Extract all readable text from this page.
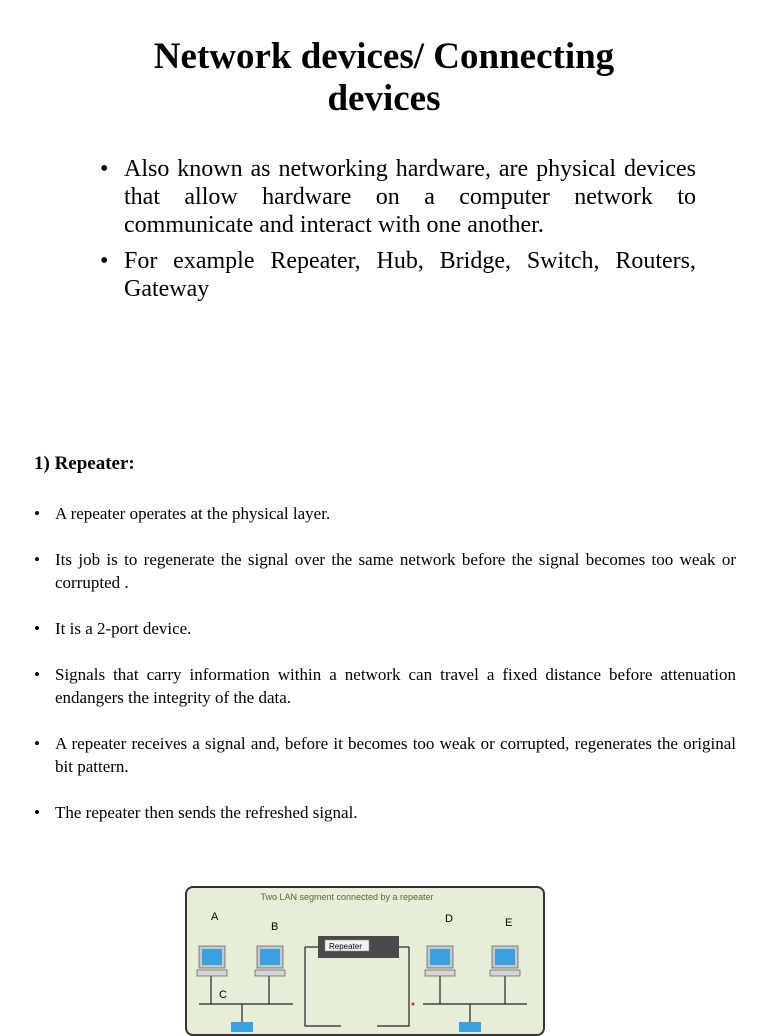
Network devices/ Connecting
devices
• Also known as networking hardware, are physical devices that allow hardware on a computer network to communicate and interact with one another.
• For example Repeater, Hub, Bridge, Switch, Routers, Gateway
1) Repeater:
• A repeater operates at the physical layer.
• Its job is to regenerate the signal over the same network before the signal becomes too weak or corrupted .
• It is a 2-port device.
• Signals that carry information within a network can travel a fixed distance before attenuation endangers the integrity of the data.
• A repeater receives a signal and, before it becomes too weak or corrupted, regenerates the original bit pattern.
• The repeater then sends the refreshed signal.
Two LAN segment connected by a repeater
A
B
D	E
C
Repeater
